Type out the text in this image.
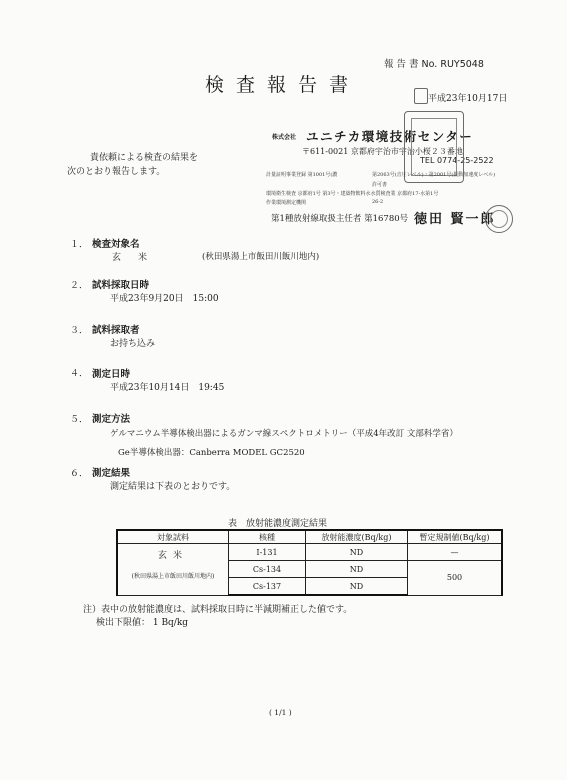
報 告 書 No. RUY5048
検査報告書
平成23年10月17日
株式会社 ユニチカ環境技術センター
〒611-0021 京都府宇治市宇治小桜２３番地
TEL 0774-25-2522
計量証明事業登録 第1001号(濃	第2063号(音圧レベル)・第2001号(振動加速度レベル)
許可書
環境衛生検査 京都府1号 第3号・建築物飲料水水質検査業 京都府17-水第1号
作業環境測定機関	26-2
第1種放射線取扱主任者 第16780号 徳田 賢一郎
貴依頼による検査の結果を
次のとおり報告します。
１． 検査対象名
玄　米	(秋田県湯上市飯田川飯川地内)
２． 試料採取日時
平成23年9月20日　15:00
３． 試料採取者
お持ち込み
４． 測定日時
平成23年10月14日　19:45
５． 測定方法
ゲルマニウム半導体検出器によるガンマ線スペクトロメトリー（平成4年改訂 文部科学省）
Ge半導体検出器：Canberra MODEL GC2520
６． 測定結果
測定結果は下表のとおりです。
表　放射能濃度測定結果
対象試料	核種	放射能濃度(Bq/kg)	暫定規制値(Bq/kg)

玄米
(秋田県湯上市飯田川飯川地内)	I-131	ND	—
	Cs-134	ND	500
	Cs-137	ND	
注）表中の放射能濃度は、試料採取日時に半減期補正した値です。
検出下限値： 1 Bq/kg
( 1/1 )
